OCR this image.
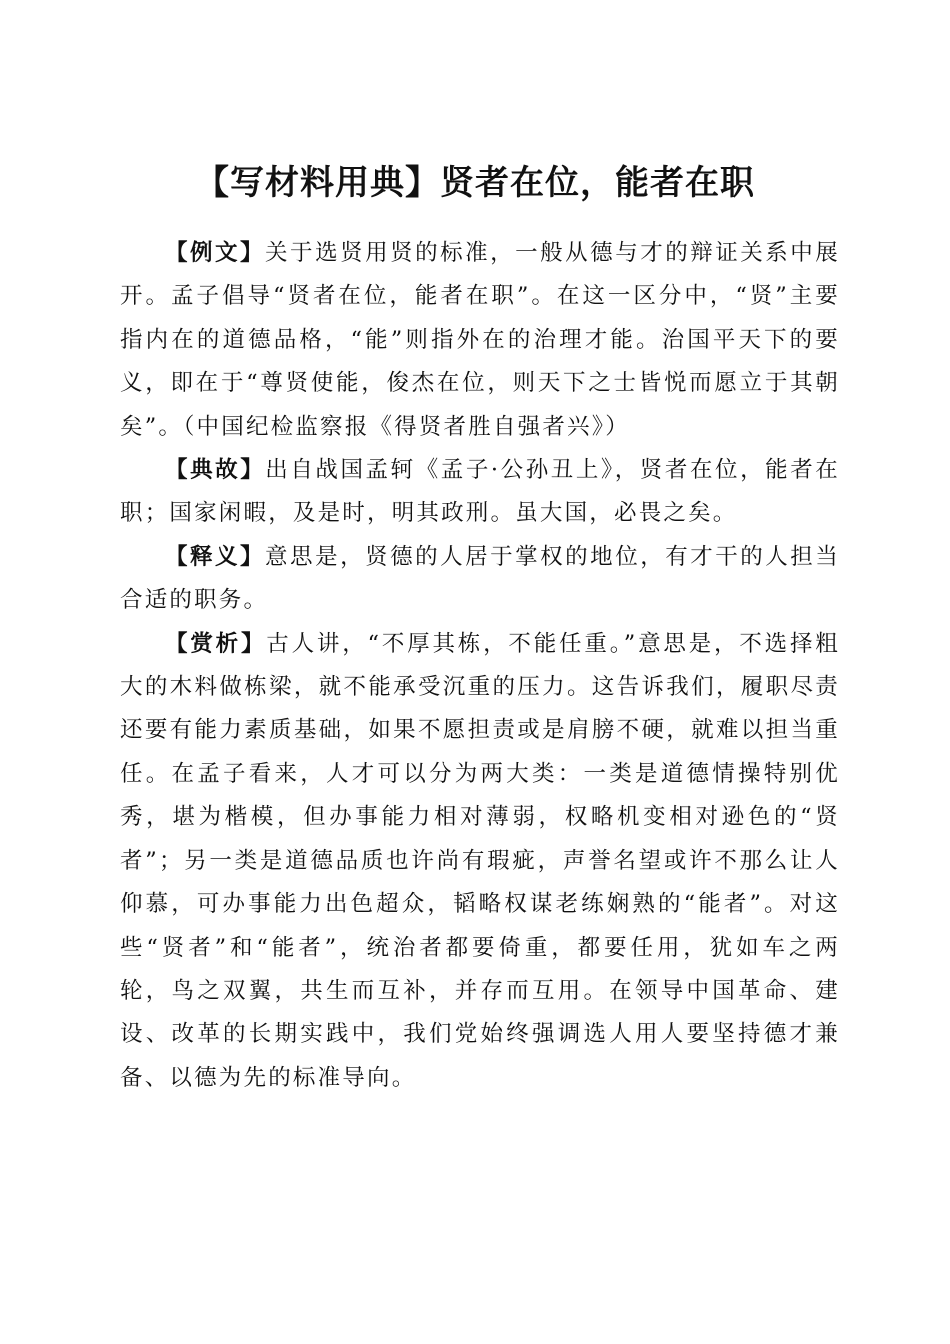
【写材料用典】贤者在位，能者在职

【例文】关于选贤用贤的标准，一般从德与才的辩证关系中展开。孟子倡导“贤者在位，能者在职”。在这一区分中，“贤”主要指内在的道德品格，“能”则指外在的治理才能。治国平天下的要义，即在于“尊贤使能，俊杰在位，则天下之士皆悦而愿立于其朝矣”。（中国纪检监察报《得贤者胜自强者兴》）

【典故】出自战国孟轲《孟子·公孙丑上》，贤者在位，能者在职；国家闲暇，及是时，明其政刑。虽大国，必畏之矣。

【释义】意思是，贤德的人居于掌权的地位，有才干的人担当合适的职务。

【赏析】古人讲，“不厚其栋，不能任重。”意思是，不选择粗大的木料做栋梁，就不能承受沉重的压力。这告诉我们，履职尽责还要有能力素质基础，如果不愿担责或是肩膀不硬，就难以担当重任。在孟子看来，人才可以分为两大类：一类是道德情操特别优秀，堪为楷模，但办事能力相对薄弱，权略机变相对逊色的“贤者”；另一类是道德品质也许尚有瑕疵，声誉名望或许不那么让人仰慕，可办事能力出色超众，韬略权谋老练娴熟的“能者”。对这些“贤者”和“能者”，统治者都要倚重，都要任用，犹如车之两轮，鸟之双翼，共生而互补，并存而互用。在领导中国革命、建设、改革的长期实践中，我们党始终强调选人用人要坚持德才兼备、以德为先的标准导向。
